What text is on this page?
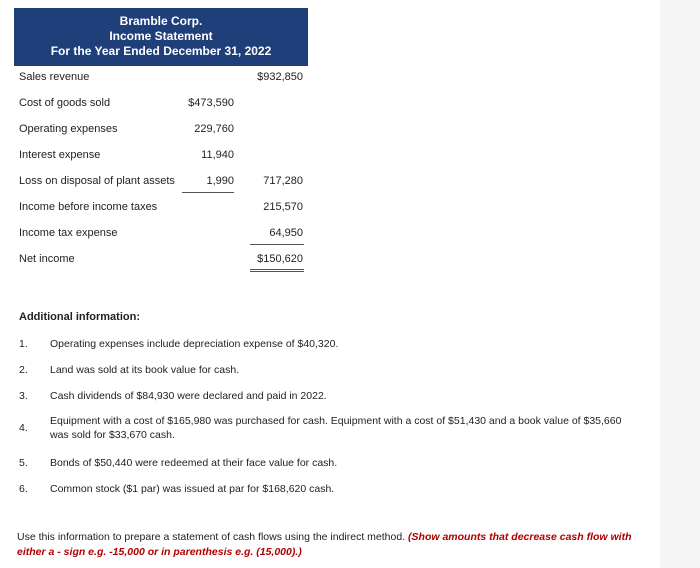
Bramble Corp.
Income Statement
For the Year Ended December 31, 2022
Sales revenue	$932,850
Cost of goods sold	$473,590
Operating expenses	229,760
Interest expense	11,940
Loss on disposal of plant assets	1,990	717,280
Income before income taxes	215,570
Income tax expense	64,950
Net income	$150,620
Additional information:
1. Operating expenses include depreciation expense of $40,320.
2. Land was sold at its book value for cash.
3. Cash dividends of $84,930 were declared and paid in 2022.
4.
Equipment with a cost of $165,980 was purchased for cash. Equipment with a cost of $51,430 and a book value of $35,660 was sold for $33,670 cash.
5. Bonds of $50,440 were redeemed at their face value for cash.
6. Common stock ($1 par) was issued at par for $168,620 cash.
Use this information to prepare a statement of cash flows using the indirect method. (Show amounts that decrease cash flow with either a - sign e.g. -15,000 or in parenthesis e.g. (15,000).)
